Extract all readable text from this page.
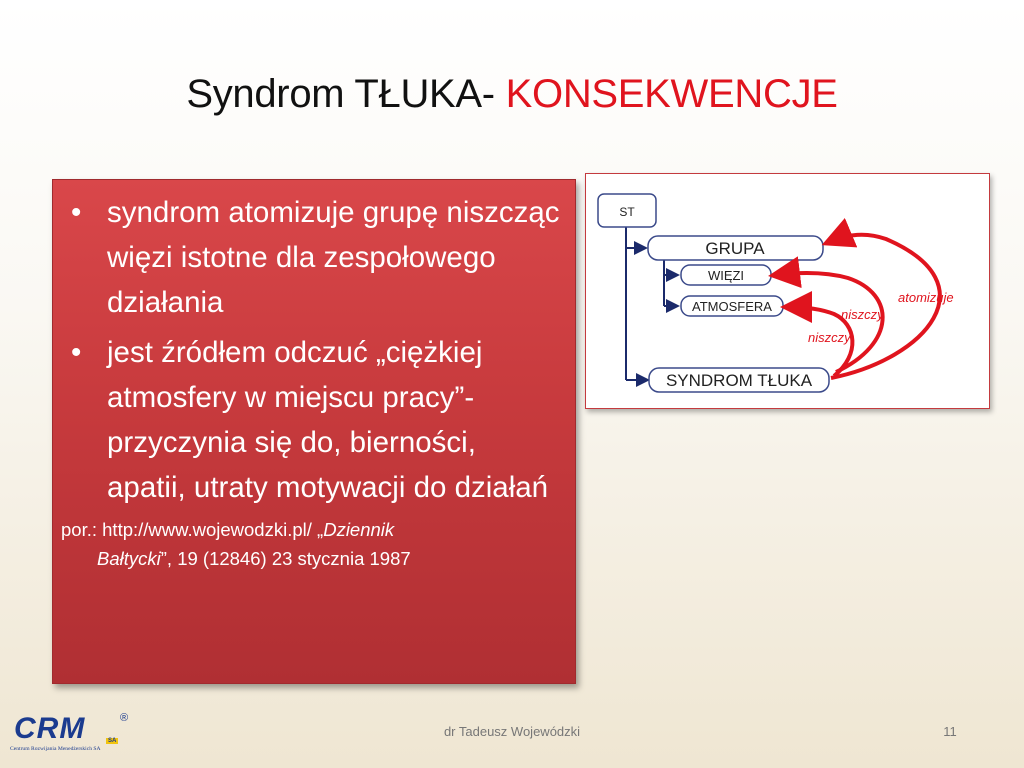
Syndrom TŁUKA- KONSEKWENCJE
• syndrom atomizuje grupę niszcząc więzi istotne dla zespołowego działania
• jest źródłem odczuć „ciężkiej atmosfery w miejscu pracy”- przyczynia się do, bierności, apatii, utraty motywacji do działań
por.: http://www.wojewodzki.pl/ „Dziennik
Bałtycki”, 19 (12846) 23 stycznia 1987
ST
GRUPA
WIĘZI
ATMOSFERA
SYNDROM TŁUKA
atomizuje
niszczy
niszczy
CRM	®
SA
Centrum Rozwijania Menedżerskich SA
dr Tadeusz Wojewódzki	11
